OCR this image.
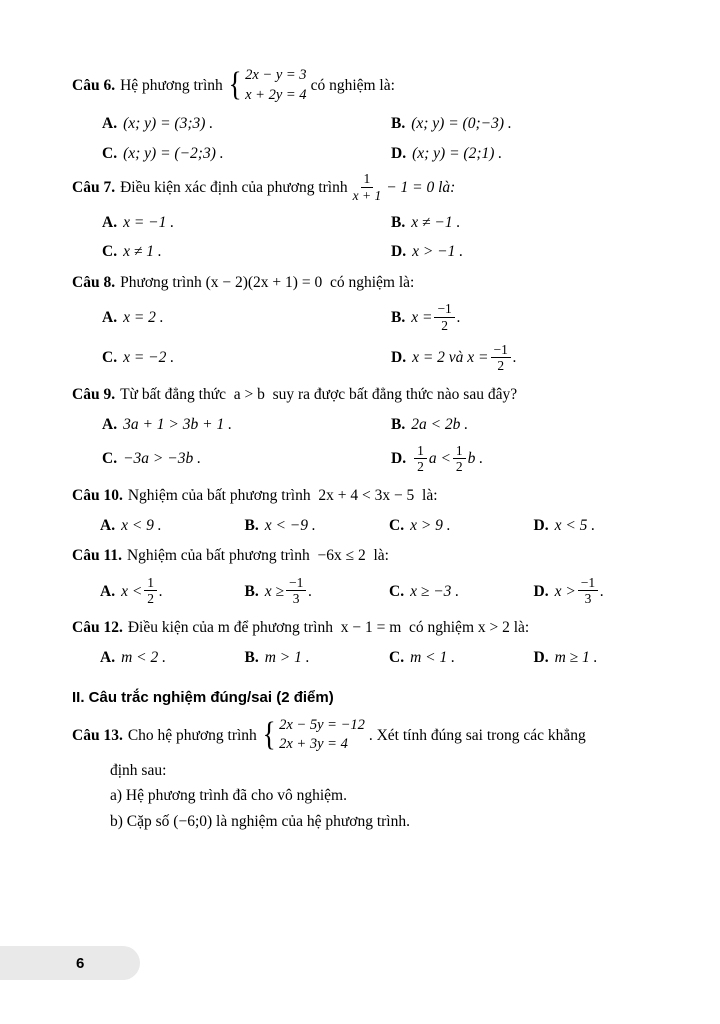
Câu 6. Hệ phương trình { 2x − y = 3
x + 2y = 4
có nghiệm là:
A. (x; y) = (3;3) .	B. (x; y) = (0;−3) .
C. (x; y) = (−2;3) .	D. (x; y) = (2;1) .
Câu 7. Điều kiện xác định của phương trình $\frac{1}{x + 1} - 1 = 0$ là:
A. x = −1 .	B. x ≠ −1 .
C. x ≠ 1 .	D. x > −1 .
Câu 8. Phương trình (x − 2)(2x + 1) = 0  có nghiệm là:
A. x = 2 .	B. $x = \frac{-1}{2}$ .
C. x = −2 .	D. x = 2 và $x = \frac{-1}{2}$ .
Câu 9. Từ bất đẳng thức  a > b  suy ra được bất đẳng thức nào sau đây?
A. 3a + 1 > 3b + 1 .	B. 2a < 2b .
C. −3a > −3b .	D. $\frac{1}{2}$ $a < \frac{1}{2}$ b .
Câu 10. Nghiệm của bất phương trình  2x + 4 < 3x − 5  là:
A. x < 9 .	B. x < −9 .	C. x > 9 .	D. x < 5 .
Câu 11. Nghiệm của bất phương trình  −6x ≤ 2  là:
A. $x < \frac{1}{2}$ .	B. $x \ge \frac{-1}{3}$ .	C. x ≥ −3 .	D. $x > \frac{-1}{3}$ .
Câu 12. Điều kiện của m để phương trình  x − 1 = m  có nghiệm x > 2 là:
A. m < 2 .	B. m > 1 .	C. m < 1 .	D. m ≥ 1 .
II. Câu trắc nghiệm đúng/sai (2 điểm)
Câu 13. Cho hệ phương trình { 2x − 5y = −12
2x + 3y = 4
. Xét tính đúng sai trong các khẳng
định sau:
a) Hệ phương trình đã cho vô nghiệm.
b) Cặp số (−6;0) là nghiệm của hệ phương trình.
6
